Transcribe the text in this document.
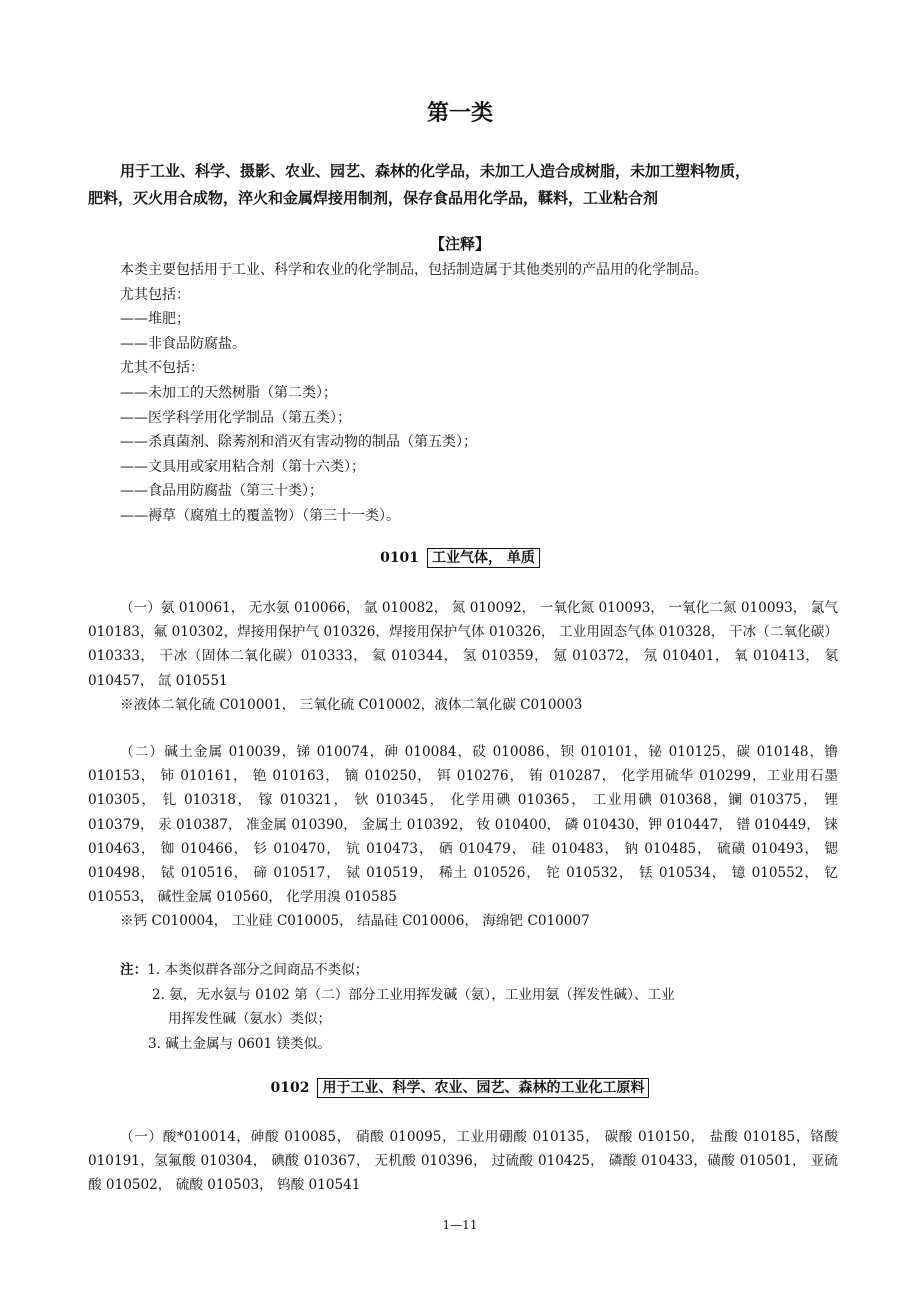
第一类

用于工业、科学、摄影、农业、园艺、森林的化学品，未加工人造合成树脂，未加工塑料物质，

肥料，灭火用合成物，淬火和金属焊接用制剂，保存食品用化学品，鞣料，工业粘合剂

【注释】

本类主要包括用于工业、科学和农业的化学制品，包括制造属于其他类别的产品用的化学制品。

尤其包括：

——堆肥；

——非食品防腐盐。

尤其不包括：

——未加工的天然树脂（第二类）；

——医学科学用化学制品（第五类）；

——杀真菌剂、除莠剂和消灭有害动物的制品（第五类）；

——文具用或家用粘合剂（第十六类）；

——食品用防腐盐（第三十类）；

——褥草（腐殖土的覆盖物）（第三十一类）。

0101 工业气体， 单质

（一）氨 010061， 无水氨 010066， 氩 010082， 氮 010092， 一氧化氮 010093， 一氧化二氮 010093， 氯气 010183，氟 010302，焊接用保护气 010326，焊接用保护气体 010326， 工业用固态气体 010328， 干冰（二氧化碳）010333， 干冰（固体二氧化碳）010333， 氦 010344， 氢 010359， 氪 010372， 氖 010401， 氧 010413， 氡 010457， 氙 010551

※液体二氧化硫 C010001， 三氧化硫 C010002，液体二氧化碳 C010003

（二）碱土金属 010039，锑 010074，砷 010084，砹 010086，钡 010101，铋 010125，碳 010148，镥 010153， 铈 010161， 铯 010163， 镝 010250， 铒 010276， 铕 010287， 化学用硫华 010299，工业用石墨 010305， 钆 010318， 镓 010321， 钬 010345， 化学用碘 010365， 工业用碘 010368，镧 010375， 锂 010379， 汞 010387， 准金属 010390， 金属土 010392， 钕 010400， 磷 010430，钾 010447， 镨 010449， 铼 010463， 铷 010466， 钐 010470， 钪 010473， 硒 010479， 硅 010483， 钠 010485， 硫磺 010493， 锶 010498， 铽 010516， 碲 010517， 铽 010519， 稀土 010526， 铊 010532， 铥 010534， 镱 010552， 钇 010553， 碱性金属 010560， 化学用溴 010585

※钙 C010004， 工业硅 C010005， 结晶硅 C010006， 海绵钯 C010007

注：1. 本类似群各部分之间商品不类似；

2. 氨，无水氨与 0102 第（二）部分工业用挥发碱（氨），工业用氨（挥发性碱）、工业

用挥发性碱（氨水）类似；

3. 碱土金属与 0601 镁类似。

0102 用于工业、科学、农业、园艺、森林的工业化工原料

（一）酸*010014，砷酸 010085， 硝酸 010095，工业用硼酸 010135， 碳酸 010150， 盐酸 010185，铬酸 010191，氢氟酸 010304， 碘酸 010367， 无机酸 010396， 过硫酸 010425， 磷酸 010433，磺酸 010501， 亚硫酸 010502， 硫酸 010503， 钨酸 010541

1—11
